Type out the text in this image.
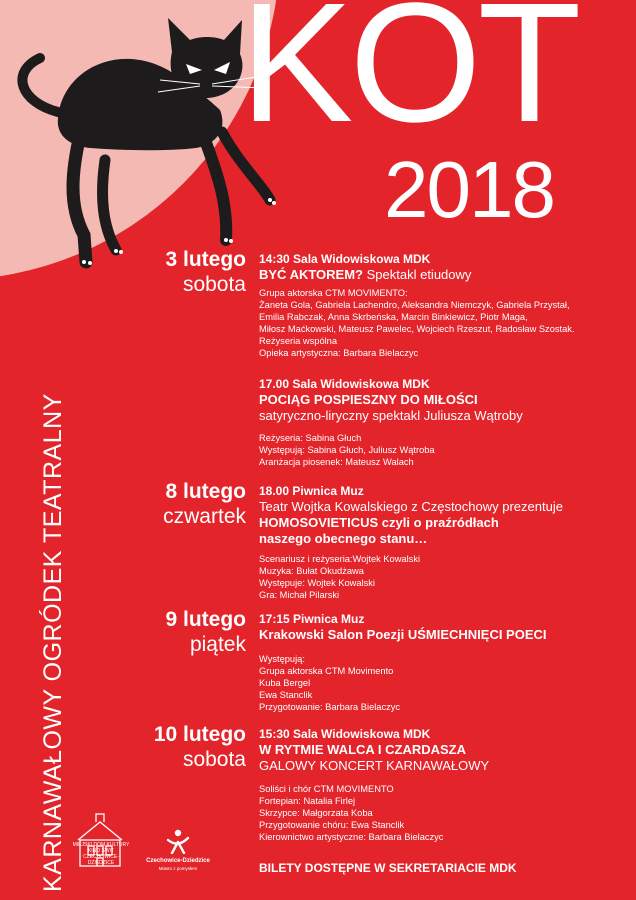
KOT
2018
KARNAWAŁOWY OGRÓDEK TEATRALNY
3 lutego
sobota
14:30 Sala Widowiskowa MDK
BYĆ AKTOREM? Spektakl etiudowy
Grupa aktorska CTM MOVIMENTO:
Żaneta Gola, Gabriela Lachendro, Aleksandra Niemczyk, Gabriela Przystał,
Emilia Rabczak, Anna Skrbeńska, Marcin Binkiewicz, Piotr Maga,
Miłosz Maćkowski, Mateusz Pawelec, Wojciech Rzeszut, Radosław Szostak.
Reżyseria wspólna
Opieka artystyczna: Barbara Bielaczyc
17.00 Sala Widowiskowa MDK
POCIĄG POSPIESZNY DO MIŁOŚCI
satyryczno-liryczny spektakl Juliusza Wątroby
Reżyseria: Sabina Głuch
Występują: Sabina Głuch, Juliusz Wątroba
Aranżacja piosenek: Mateusz Walach
8 lutego
czwartek
18.00 Piwnica Muz
Teatr Wojtka Kowalskiego z Częstochowy prezentuje
HOMOSOVIETICUS czyli o praźródłach
naszego obecnego stanu…
Scenariusz i reżyseria:Wojtek Kowalski
Muzyka: Bułat Okudżawa
Występuje: Wojtek Kowalski
Gra: Michał Pilarski
9 lutego
piątek
17:15 Piwnica Muz
Krakowski Salon Poezji UŚMIECHNIĘCI POECI
Występują:
Grupa aktorska CTM Movimento
Kuba Bergel
Ewa Stanclik
Przygotowanie: Barbara Bielaczyc
10 lutego
sobota
15:30 Sala Widowiskowa MDK
W RYTMIE WALCA I CZARDASZA
GALOWY KONCERT KARNAWAŁOWY
Soliści i chór CTM MOVIMENTO
Fortepian: Natalia Firlej
Skrzypce: Małgorzata Koba
Przygotowanie chóru: Ewa Stanclik
Kierownictwo artystyczne: Barbara Bielaczyc
MIEJSKI DOM KULTURY
KINO ŚWIT
CZECHOWICE-DZIEDZICE	Czechowice-Dziedzice
Miasto z pomysłem	BILETY DOSTĘPNE W SEKRETARIACIE MDK
